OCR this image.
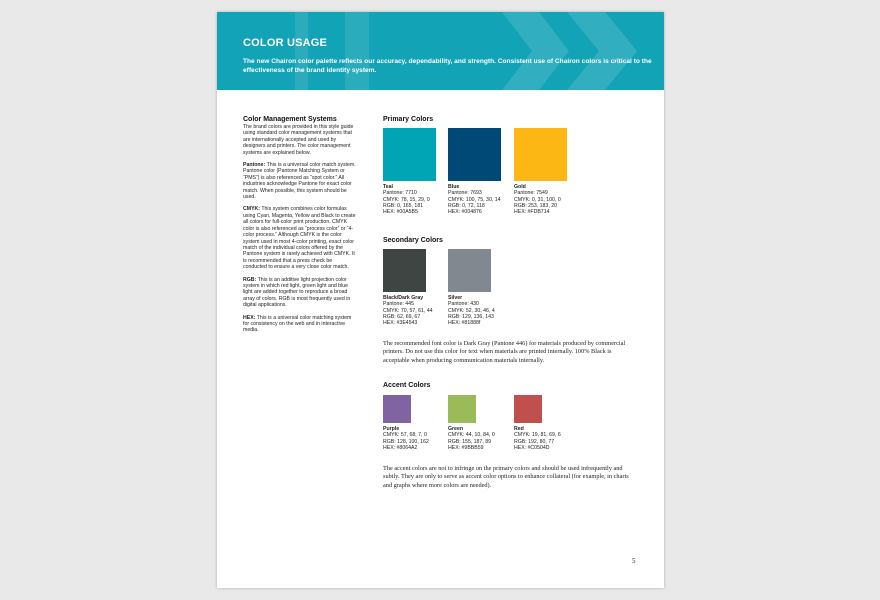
COLOR USAGE
The new Chairon color palette reflects our accuracy, dependability, and strength. Consistent use of Chairon colors is critical to the effectiveness of the brand identity system.
Color Management Systems

The brand colors are provided in this style guide using standard color management systems that are internationally accepted and used by designers and printers. The color management systems are explained below.

Pantone: This is a universal color match system. Pantone color (Pantone Matching System or “PMS”) is also referenced as “spot color.” All industries acknowledge Pantone for exact color match. When possible, this system should be used.

CMYK: This system combines color formulas using Cyan, Magenta, Yellow and Black to create all colors for full-color print production. CMYK color is also referenced as “process color” or “4-color process.” Although CMYK is the color system used in most 4-color printing, exact color match of the individual colors offered by the Pantone system is rarely achieved with CMYK. It is recommended that a press check be conducted to ensure a very close color match.

RGB: This is an additive light projection color system in which red light, green light and blue light are added together to reproduce a broad array of colors. RGB is most frequently used in digital applications.

HEX: This is a universal color matching system for consistency on the web and in interactive media.

Primary Colors
Teal
Pantone: 7710
CMYK: 78, 15, 29, 0
RGB: 0, 165, 181
HEX: #00A5B5
Blue
Pantone: 7693
CMYK: 100, 75, 30, 14
RGB: 0, 72, 118
HEX: #004876
Gold
Pantone: 7549
CMYK: 0, 31, 100, 0
RGB: 253, 183, 20
HEX: #FDB714
Secondary Colors
Black/Dark Gray
Pantone: 445
CMYK: 70, 57, 61, 44
RGB: 62, 69, 67
HEX: #3E4543
Silver
Pantone: 430
CMYK: 52, 30, 46, 4
RGB: 129, 136, 143
HEX: #81888f
The recommended font color is Dark Gray (Pantone 446) for materials produced by commercial printers. Do not use this color for text when materials are printed internally. 100% Black is acceptable when producing communication materials internally.
Accent Colors
Purple
CMYK: 57, 68, 7, 0
RGB: 128, 100, 162
HEX: #8064A2
Green
CMYK: 44, 10, 84, 0
RGB: 155, 187, 89
HEX: #9BBB59
Red
CMYK: 19, 81, 69, 6
RGB: 192, 80, 77
HEX: #C0504D
The accent colors are not to infringe on the primary colors and should be used infrequently and subtly. They are only to serve as accent color options to enhance collateral (for example, in charts and graphs where more colors are needed).
5
